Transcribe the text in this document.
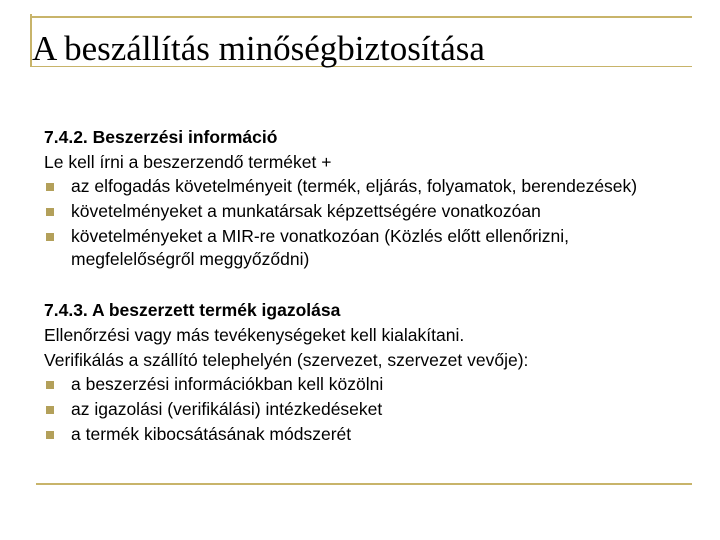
A beszállítás minőségbiztosítása

7.4.2. Beszerzési információ

Le kell írni a beszerzendő terméket +

az elfogadás követelményeit (termék, eljárás, folyamatok, berendezések)
követelményeket a munkatársak képzettségére vonatkozóan
követelményeket a MIR-re vonatkozóan (Közlés előtt ellenőrizni, megfelelőségről meggyőződni)

7.4.3. A beszerzett termék igazolása

Ellenőrzési vagy más tevékenységeket kell kialakítani.

Verifikálás a szállító telephelyén (szervezet, szervezet vevője):

a beszerzési információkban kell közölni
az igazolási (verifikálási) intézkedéseket
a termék kibocsátásának módszerét
